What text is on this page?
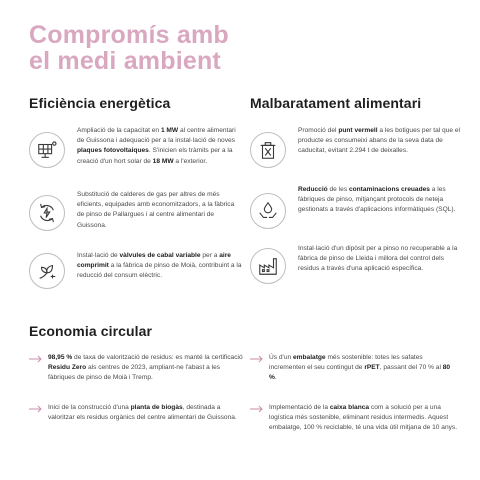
Compromís amb
el medi ambient
Eficiència energètica	Malbaratament alimentari
Economia circular
Ampliació de la capacitat en 1 MW al centre alimentari de Guissona i adequació per a la instal·lació de noves plaques fotovoltaiques. S'inicien els tràmits per a la creació d'un hort solar de 18 MW a l'exterior.
Substitució de calderes de gas per altres de més eficients, equipades amb economitzadors, a la fàbrica de pinso de Pallargues i al centre alimentari de Guissona.
Instal·lació de vàlvules de cabal variable per a aire comprimit a la fàbrica de pinso de Moià, contribuint a la reducció del consum elèctric.
Promoció del punt vermell a les botigues per tal que el producte es consumeixi abans de la seva data de caducitat, evitant 2.294 t de deixalles.
Reducció de les contaminacions creuades a les fàbriques de pinso, mitjançant protocols de neteja gestionats a través d'aplicacions informàtiques (SQL).
Instal·lació d'un dipòsit per a pinso no recuperable a la fàbrica de pinso de Lleida i millora del control dels residus a través d'una aplicació específica.
98,95 % de taxa de valorització de residus: es manté la certificació Residu Zero als centres de 2023, ampliant-ne l'abast a les fàbriques de pinso de Moià i Tremp.
Inici de la construcció d'una planta de biogàs, destinada a valoritzar els residus orgànics del centre alimentari de Guissona.
Ús d'un embalatge més sostenible: totes les safates incrementen el seu contingut de rPET, passant del 70 % al 80 %.
Implementació de la caixa blanca com a solució per a una logística més sostenible, eliminant residus intermedis. Aquest embalatge, 100 % reciclable, té una vida útil mitjana de 10 anys.
